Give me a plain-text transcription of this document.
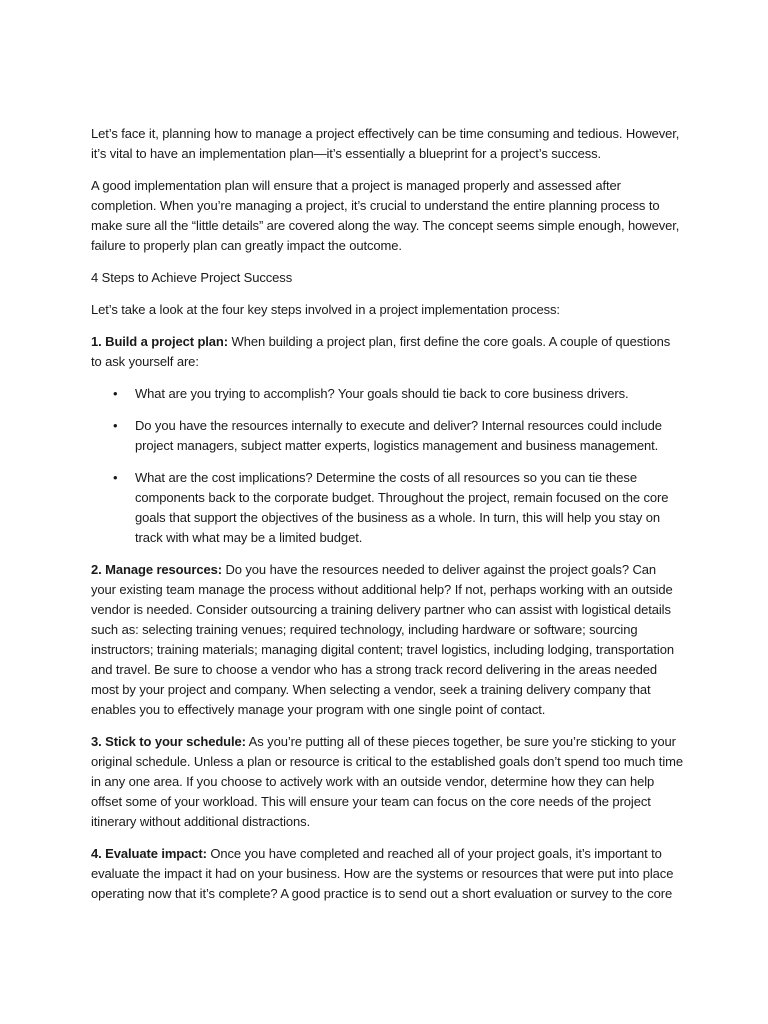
Let’s face it, planning how to manage a project effectively can be time consuming and tedious. However, it’s vital to have an implementation plan—it’s essentially a blueprint for a project’s success.

A good implementation plan will ensure that a project is managed properly and assessed after completion. When you’re managing a project, it’s crucial to understand the entire planning process to make sure all the “little details” are covered along the way. The concept seems simple enough, however, failure to properly plan can greatly impact the outcome.

4 Steps to Achieve Project Success

Let’s take a look at the four key steps involved in a project implementation process:

1. Build a project plan: When building a project plan, first define the core goals. A couple of questions to ask yourself are:

• What are you trying to accomplish? Your goals should tie back to core business drivers.
• Do you have the resources internally to execute and deliver? Internal resources could include project managers, subject matter experts, logistics management and business management.
• What are the cost implications? Determine the costs of all resources so you can tie these components back to the corporate budget. Throughout the project, remain focused on the core goals that support the objectives of the business as a whole. In turn, this will help you stay on track with what may be a limited budget.

2. Manage resources: Do you have the resources needed to deliver against the project goals? Can your existing team manage the process without additional help? If not, perhaps working with an outside vendor is needed. Consider outsourcing a training delivery partner who can assist with logistical details such as: selecting training venues; required technology, including hardware or software; sourcing instructors; training materials; managing digital content; travel logistics, including lodging, transportation and travel. Be sure to choose a vendor who has a strong track record delivering in the areas needed most by your project and company. When selecting a vendor, seek a training delivery company that enables you to effectively manage your program with one single point of contact.

3. Stick to your schedule: As you’re putting all of these pieces together, be sure you’re sticking to your original schedule. Unless a plan or resource is critical to the established goals don’t spend too much time in any one area. If you choose to actively work with an outside vendor, determine how they can help offset some of your workload. This will ensure your team can focus on the core needs of the project itinerary without additional distractions.

4. Evaluate impact: Once you have completed and reached all of your project goals, it’s important to evaluate the impact it had on your business. How are the systems or resources that were put into place operating now that it’s complete? A good practice is to send out a short evaluation or survey to the core
